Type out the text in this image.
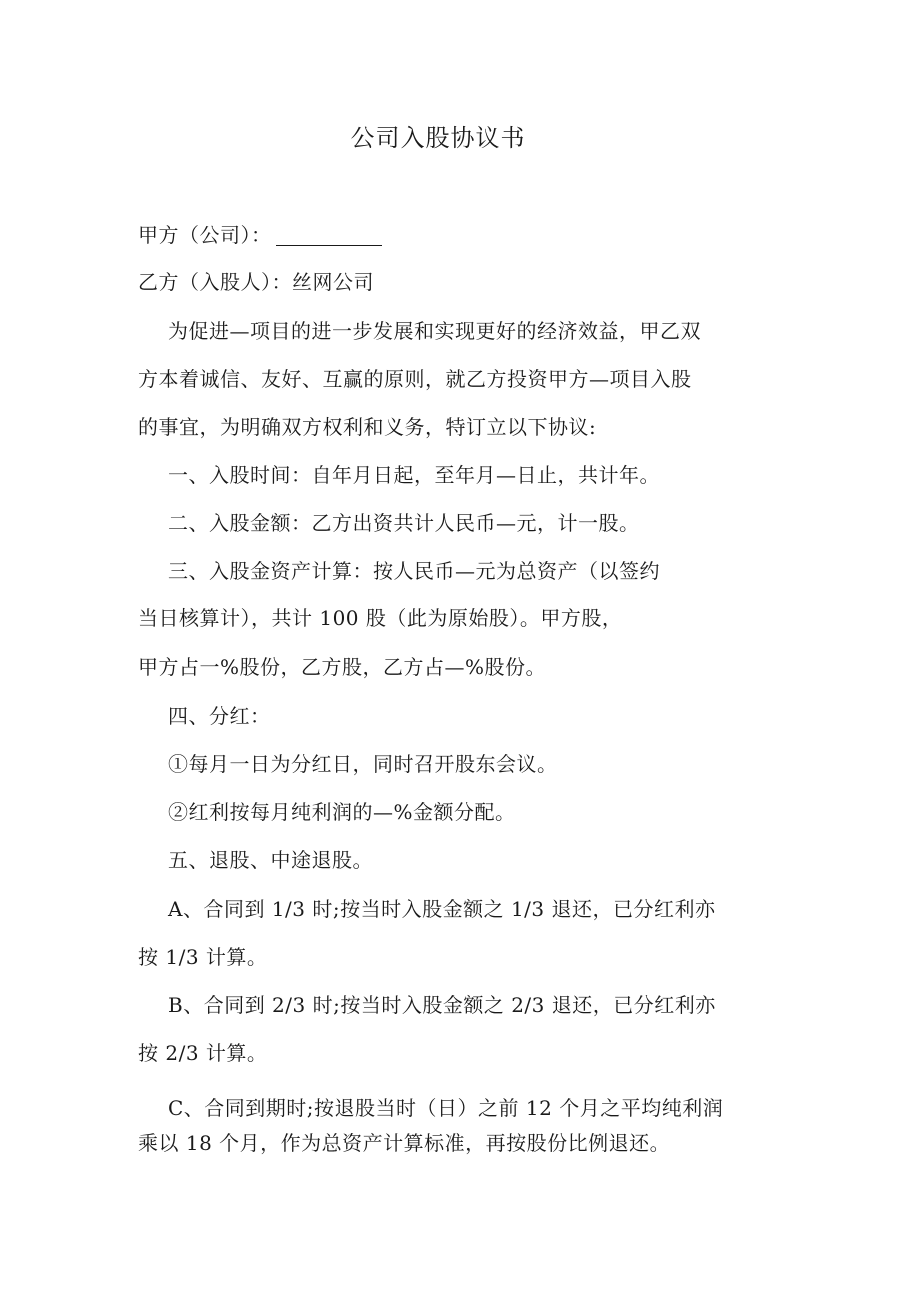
公司入股协议书
甲方（公司）：
乙方（入股人）：丝网公司
为促进—项目的进一步发展和实现更好的经济效益，甲乙双
方本着诚信、友好、互赢的原则，就乙方投资甲方—项目入股
的事宜，为明确双方权利和义务，特订立以下协议:
一、入股时间：自年月日起，至年月—日止，共计年。
二、入股金额：乙方出资共计人民币—元，计一股。
三、入股金资产计算：按人民币—元为总资产（以签约
当日核算计），共计 100 股（此为原始股）。甲方股，
甲方占一%股份，乙方股，乙方占—%股份。
四、分红：
①每月一日为分红日，同时召开股东会议。
②红利按每月纯利润的—%金额分配。
五、退股、中途退股。
A、合同到 1/3 时;按当时入股金额之 1/3 退还，已分红利亦
按 1/3 计算。
B、合同到 2/3 时;按当时入股金额之 2/3 退还，已分红利亦
按 2/3 计算。
C、合同到期时;按退股当时（日）之前 12 个月之平均纯利润
乘以 18 个月，作为总资产计算标准，再按股份比例退还。
